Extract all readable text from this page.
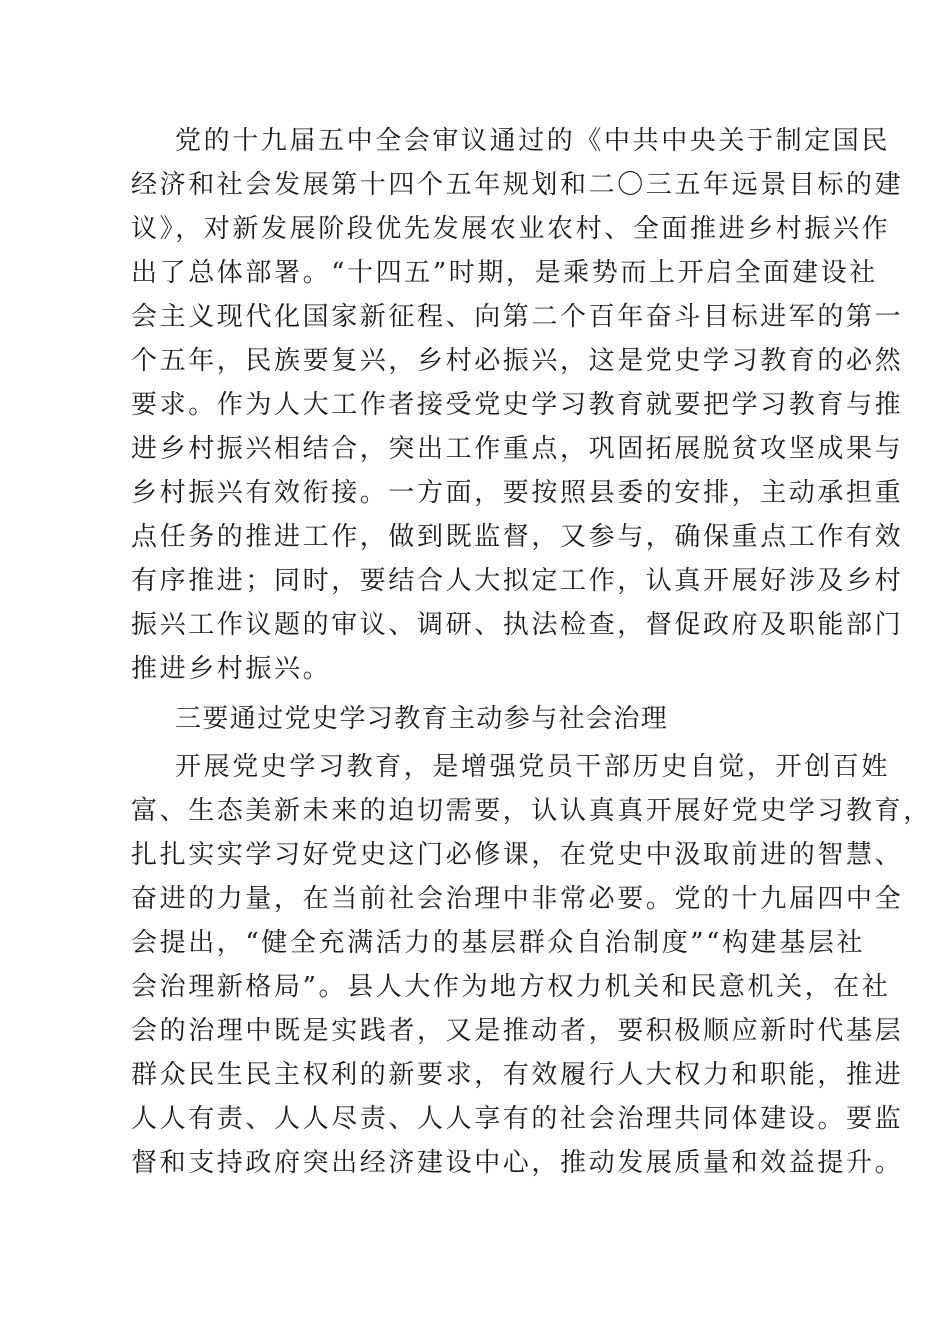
党的十九届五中全会审议通过的《中共中央关于制定国民
经济和社会发展第十四个五年规划和二〇三五年远景目标的建
议》，对新发展阶段优先发展农业农村、全面推进乡村振兴作
出了总体部署。“十四五”时期，是乘势而上开启全面建设社
会主义现代化国家新征程、向第二个百年奋斗目标进军的第一
个五年，民族要复兴，乡村必振兴，这是党史学习教育的必然
要求。作为人大工作者接受党史学习教育就要把学习教育与推
进乡村振兴相结合，突出工作重点，巩固拓展脱贫攻坚成果与
乡村振兴有效衔接。一方面，要按照县委的安排，主动承担重
点任务的推进工作，做到既监督，又参与，确保重点工作有效
有序推进；同时，要结合人大拟定工作，认真开展好涉及乡村
振兴工作议题的审议、调研、执法检查，督促政府及职能部门
推进乡村振兴。
三要通过党史学习教育主动参与社会治理
开展党史学习教育，是增强党员干部历史自觉，开创百姓
富、生态美新未来的迫切需要，认认真真开展好党史学习教育，
扎扎实实学习好党史这门必修课，在党史中汲取前进的智慧、
奋进的力量，在当前社会治理中非常必要。党的十九届四中全
会提出，“健全充满活力的基层群众自治制度”“构建基层社
会治理新格局”。县人大作为地方权力机关和民意机关，在社
会的治理中既是实践者，又是推动者，要积极顺应新时代基层
群众民生民主权利的新要求，有效履行人大权力和职能，推进
人人有责、人人尽责、人人享有的社会治理共同体建设。要监
督和支持政府突出经济建设中心，推动发展质量和效益提升。
